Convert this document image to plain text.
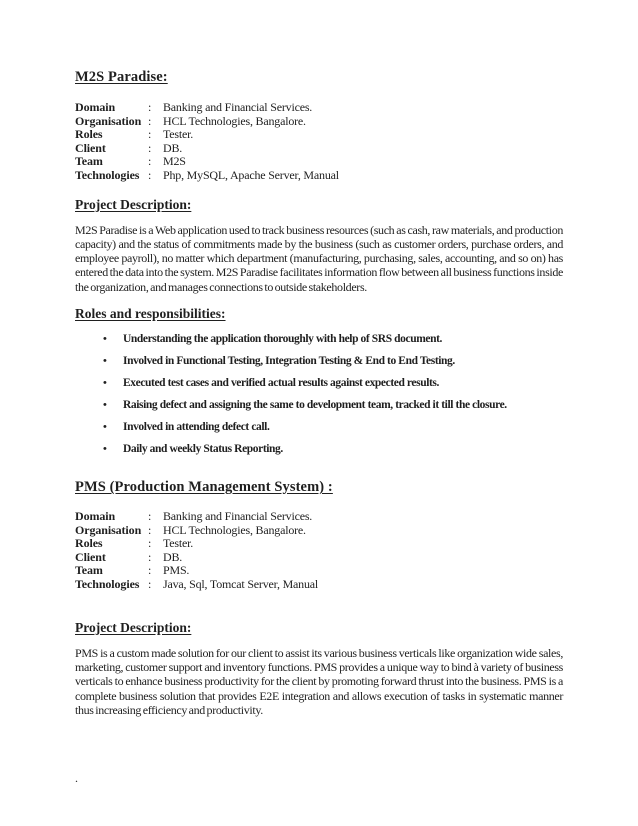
M2S Paradise:
Domain	: Banking and Financial Services.
Organisation : HCL Technologies, Bangalore.
Roles	: Tester.
Client	: DB.
Team	: M2S
Technologies : Php, MySQL, Apache Server, Manual
Project Description:

M2S Paradise is a Web application used to track business resources (such as cash, raw materials, and production capacity) and the status of commitments made by the business (such as customer orders, purchase orders, and employee payroll), no matter which department (manufacturing, purchasing, sales, accounting, and so on) has entered the data into the system. M2S Paradise facilitates information flow between all business functions inside the organization, and manages connections to outside stakeholders.

Roles and responsibilities:
•	Understanding the application thoroughly with help of SRS document.
•	Involved in Functional Testing, Integration Testing & End to End Testing.
•	Executed test cases and verified actual results against expected results.
•	Raising defect and assigning the same to development team, tracked it till the closure.
•	Involved in attending defect call.
•	Daily and weekly Status Reporting.
PMS (Production Management System) :
Domain	: Banking and Financial Services.
Organisation : HCL Technologies, Bangalore.
Roles	: Tester.
Client	: DB.
Team	: PMS.
Technologies : Java, Sql, Tomcat Server, Manual
Project Description:

PMS is a custom made solution for our client to assist its various business verticals like organization wide sales, marketing, customer support and inventory functions. PMS provides a unique way to bind à variety of business verticals to enhance business productivity for the client by promoting forward thrust into the business. PMS is a complete business solution that provides E2E integration and allows execution of tasks in systematic manner thus increasing efficiency and productivity.

.
